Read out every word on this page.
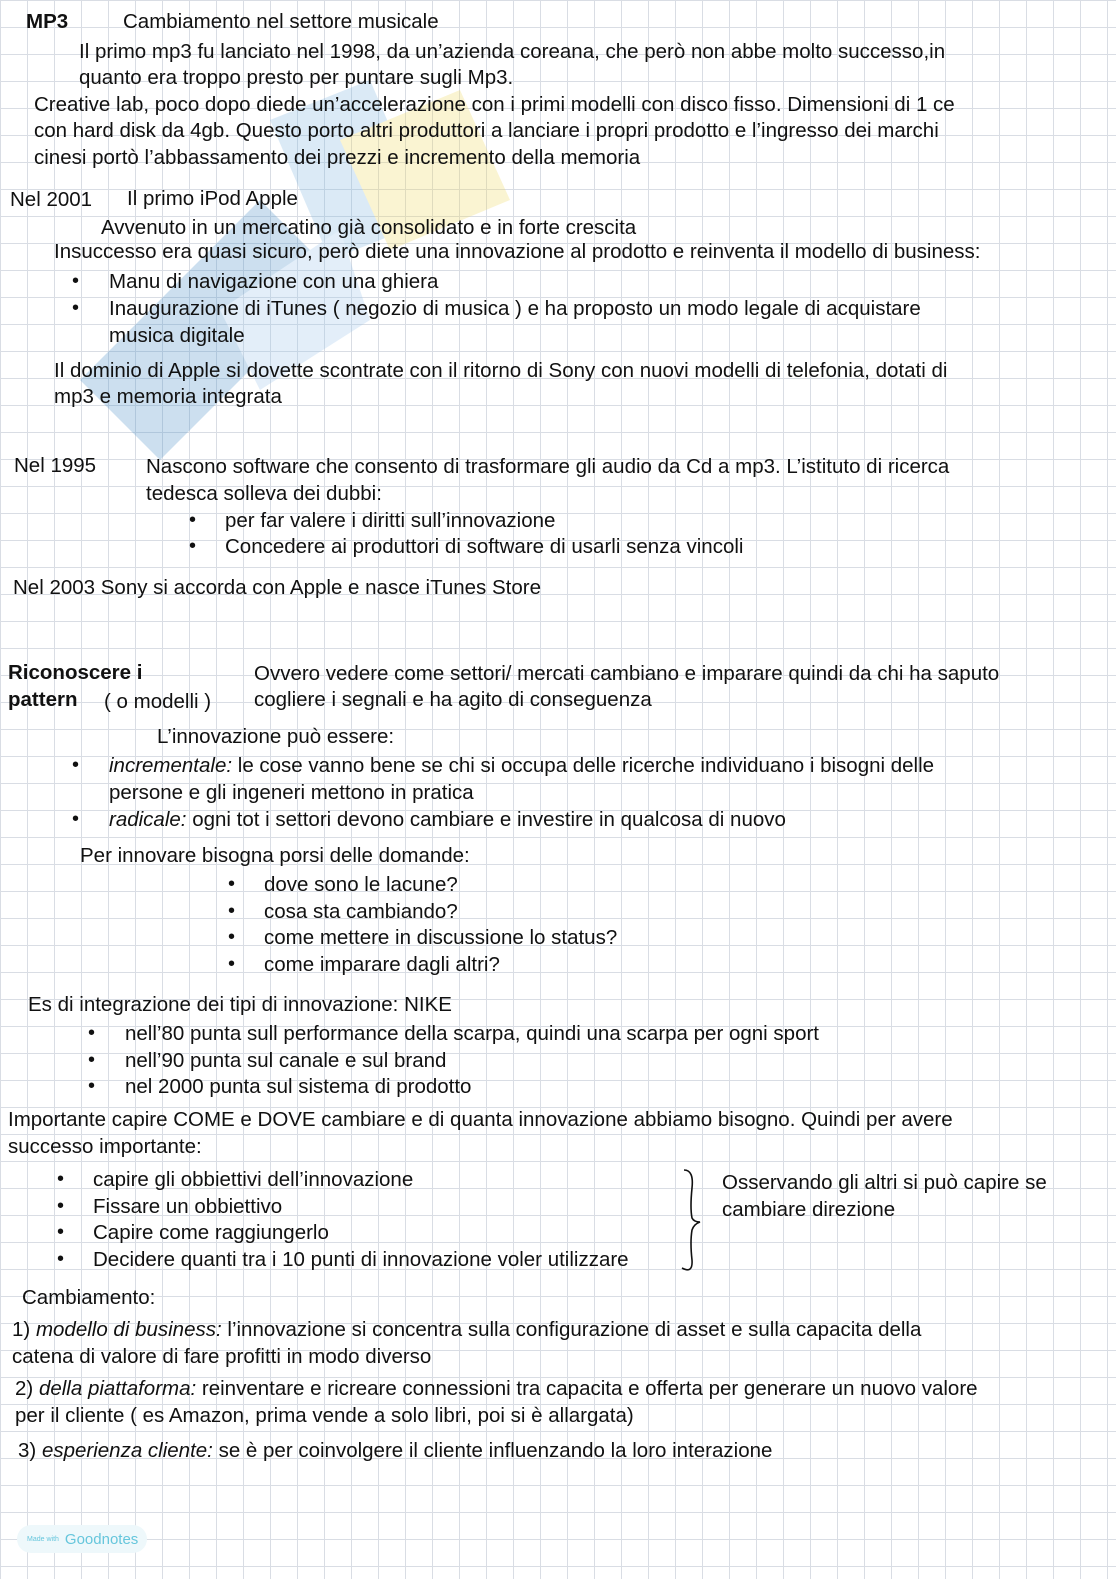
MP3	Cambiamento nel settore musicale
Il primo mp3 fu lanciato nel 1998, da un’azienda coreana, che però non abbe molto successo,in
quanto era troppo presto per puntare sugli Mp3.
Creative lab, poco dopo diede un’accelerazione con i primi modelli con disco fisso. Dimensioni di 1 ce
con hard disk da 4gb. Questo porto altri produttori a lanciare i propri prodotto e l’ingresso dei marchi
cinesi portò l’abbassamento dei prezzi e incremento della memoria
Nel 2001 Il primo iPod Apple
Avvenuto in un mercatino già consolidato e in forte crescita
Insuccesso era quasi sicuro, però diete una innovazione al prodotto e reinventa il modello di business:
• Manu di navigazione con una ghiera
• Inaugurazione di iTunes ( negozio di musica ) e ha proposto un modo legale di acquistare
musica digitale
Il dominio di Apple si dovette scontrate con il ritorno di Sony con nuovi modelli di telefonia, dotati di
mp3 e memoria integrata
Nel 1995 Nascono software che consento di trasformare gli audio da Cd a mp3. L’istituto di ricerca
tedesca solleva dei dubbi:
• per far valere i diritti sull’innovazione
• Concedere ai produttori di software di usarli senza vincoli
Nel 2003 Sony si accorda con Apple e nasce iTunes Store
Riconoscere i
pattern ( o modelli )
Ovvero vedere come settori/ mercati cambiano e imparare quindi da chi ha saputo
cogliere i segnali e ha agito di conseguenza
L’innovazione può essere:
• incrementale: le cose vanno bene se chi si occupa delle ricerche individuano i bisogni delle
persone e gli ingeneri mettono in pratica
• radicale: ogni tot i settori devono cambiare e investire in qualcosa di nuovo
Per innovare bisogna porsi delle domande:
• dove sono le lacune?
• cosa sta cambiando?
• come mettere in discussione lo status?
• come imparare dagli altri?
Es di integrazione dei tipi di innovazione: NIKE
• nell’80 punta sull performance della scarpa, quindi una scarpa per ogni sport
• nell’90 punta sul canale e sul brand
• nel 2000 punta sul sistema di prodotto
Importante capire COME e DOVE cambiare e di quanta innovazione abbiamo bisogno. Quindi per avere
successo importante:
• capire gli obbiettivi dell’innovazione
• Fissare un obbiettivo
• Capire come raggiungerlo
• Decidere quanti tra i 10 punti di innovazione voler utilizzare
Osservando gli altri si può capire se
cambiare direzione
Cambiamento:
1) modello di business: l’innovazione si concentra sulla configurazione di asset e sulla capacita della
catena di valore di fare profitti in modo diverso
2) della piattaforma: reinventare e ricreare connessioni tra capacita e offerta per generare un nuovo valore
per il cliente ( es Amazon, prima vende a solo libri, poi si è allargata)
3) esperienza cliente: se è per coinvolgere il cliente influenzando la loro interazione
Made with Goodnotes
